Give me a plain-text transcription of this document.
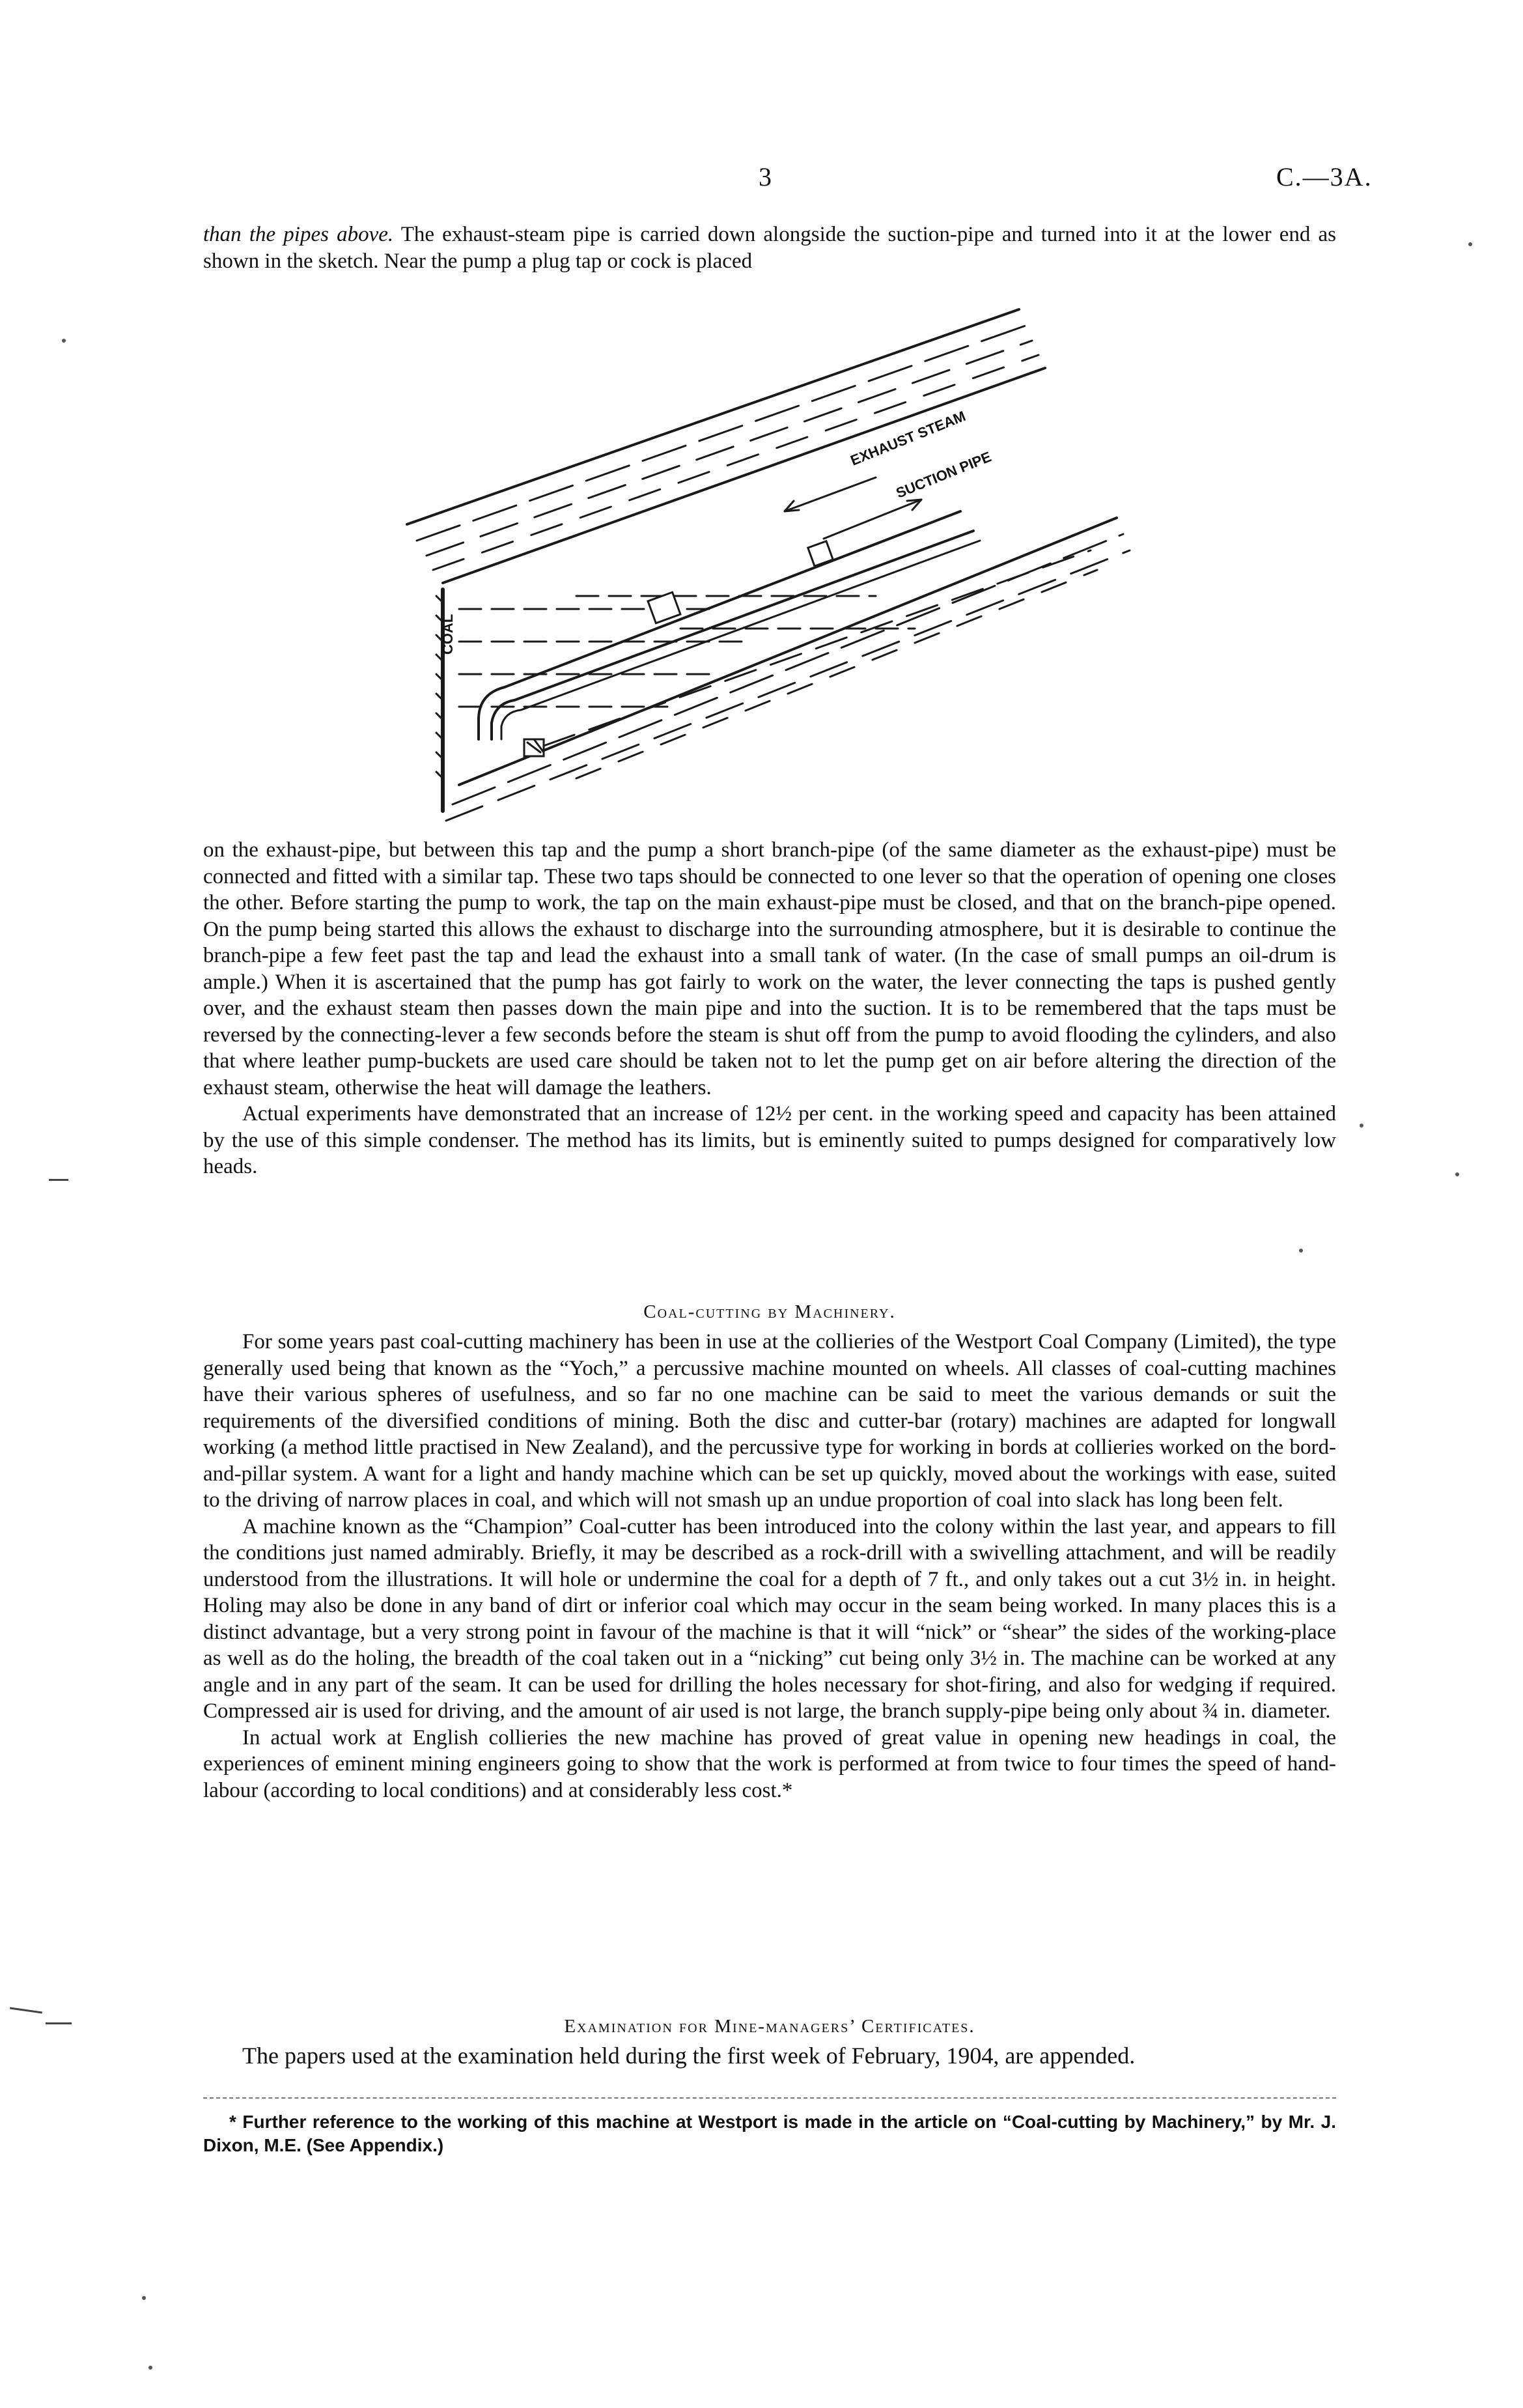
3	C.—3A.

than the pipes above. The exhaust-steam pipe is carried down alongside the suction-pipe and turned into it at the lower end as shown in the sketch. Near the pump a plug tap or cock is placed

EXHAUST STEAM
SUCTION PIPE
COAL

on the exhaust-pipe, but between this tap and the pump a short branch-pipe (of the same diameter as the exhaust-pipe) must be connected and fitted with a similar tap. These two taps should be connected to one lever so that the operation of opening one closes the other. Before starting the pump to work, the tap on the main exhaust-pipe must be closed, and that on the branch-pipe opened. On the pump being started this allows the exhaust to discharge into the surrounding atmosphere, but it is desirable to continue the branch-pipe a few feet past the tap and lead the exhaust into a small tank of water. (In the case of small pumps an oil-drum is ample.) When it is ascertained that the pump has got fairly to work on the water, the lever connecting the taps is pushed gently over, and the exhaust steam then passes down the main pipe and into the suction. It is to be remembered that the taps must be reversed by the connecting-lever a few seconds before the steam is shut off from the pump to avoid flooding the cylinders, and also that where leather pump-buckets are used care should be taken not to let the pump get on air before altering the direction of the exhaust steam, otherwise the heat will damage the leathers.

Actual experiments have demonstrated that an increase of 12½ per cent. in the working speed and capacity has been attained by the use of this simple condenser. The method has its limits, but is eminently suited to pumps designed for comparatively low heads.

Coal-cutting by Machinery.

For some years past coal-cutting machinery has been in use at the collieries of the Westport Coal Company (Limited), the type generally used being that known as the “Yoch,” a percussive machine mounted on wheels. All classes of coal-cutting machines have their various spheres of usefulness, and so far no one machine can be said to meet the various demands or suit the requirements of the diversified conditions of mining. Both the disc and cutter-bar (rotary) machines are adapted for longwall working (a method little practised in New Zealand), and the percussive type for working in bords at collieries worked on the bord-and-pillar system. A want for a light and handy machine which can be set up quickly, moved about the workings with ease, suited to the driving of narrow places in coal, and which will not smash up an undue proportion of coal into slack has long been felt.

A machine known as the “Champion” Coal-cutter has been introduced into the colony within the last year, and appears to fill the conditions just named admirably. Briefly, it may be described as a rock-drill with a swivelling attachment, and will be readily understood from the illustrations. It will hole or undermine the coal for a depth of 7 ft., and only takes out a cut 3½ in. in height. Holing may also be done in any band of dirt or inferior coal which may occur in the seam being worked. In many places this is a distinct advantage, but a very strong point in favour of the machine is that it will “nick” or “shear” the sides of the working-place as well as do the holing, the breadth of the coal taken out in a “nicking” cut being only 3½ in. The machine can be worked at any angle and in any part of the seam. It can be used for drilling the holes necessary for shot-firing, and also for wedging if required. Compressed air is used for driving, and the amount of air used is not large, the branch supply-pipe being only about ¾ in. diameter.

In actual work at English collieries the new machine has proved of great value in opening new headings in coal, the experiences of eminent mining engineers going to show that the work is performed at from twice to four times the speed of hand-labour (according to local conditions) and at considerably less cost.*

Examination for Mine-managers’ Certificates.

The papers used at the examination held during the first week of February, 1904, are appended.

* Further reference to the working of this machine at Westport is made in the article on “Coal-cutting by Machinery,” by Mr. J. Dixon, M.E. (See Appendix.)
